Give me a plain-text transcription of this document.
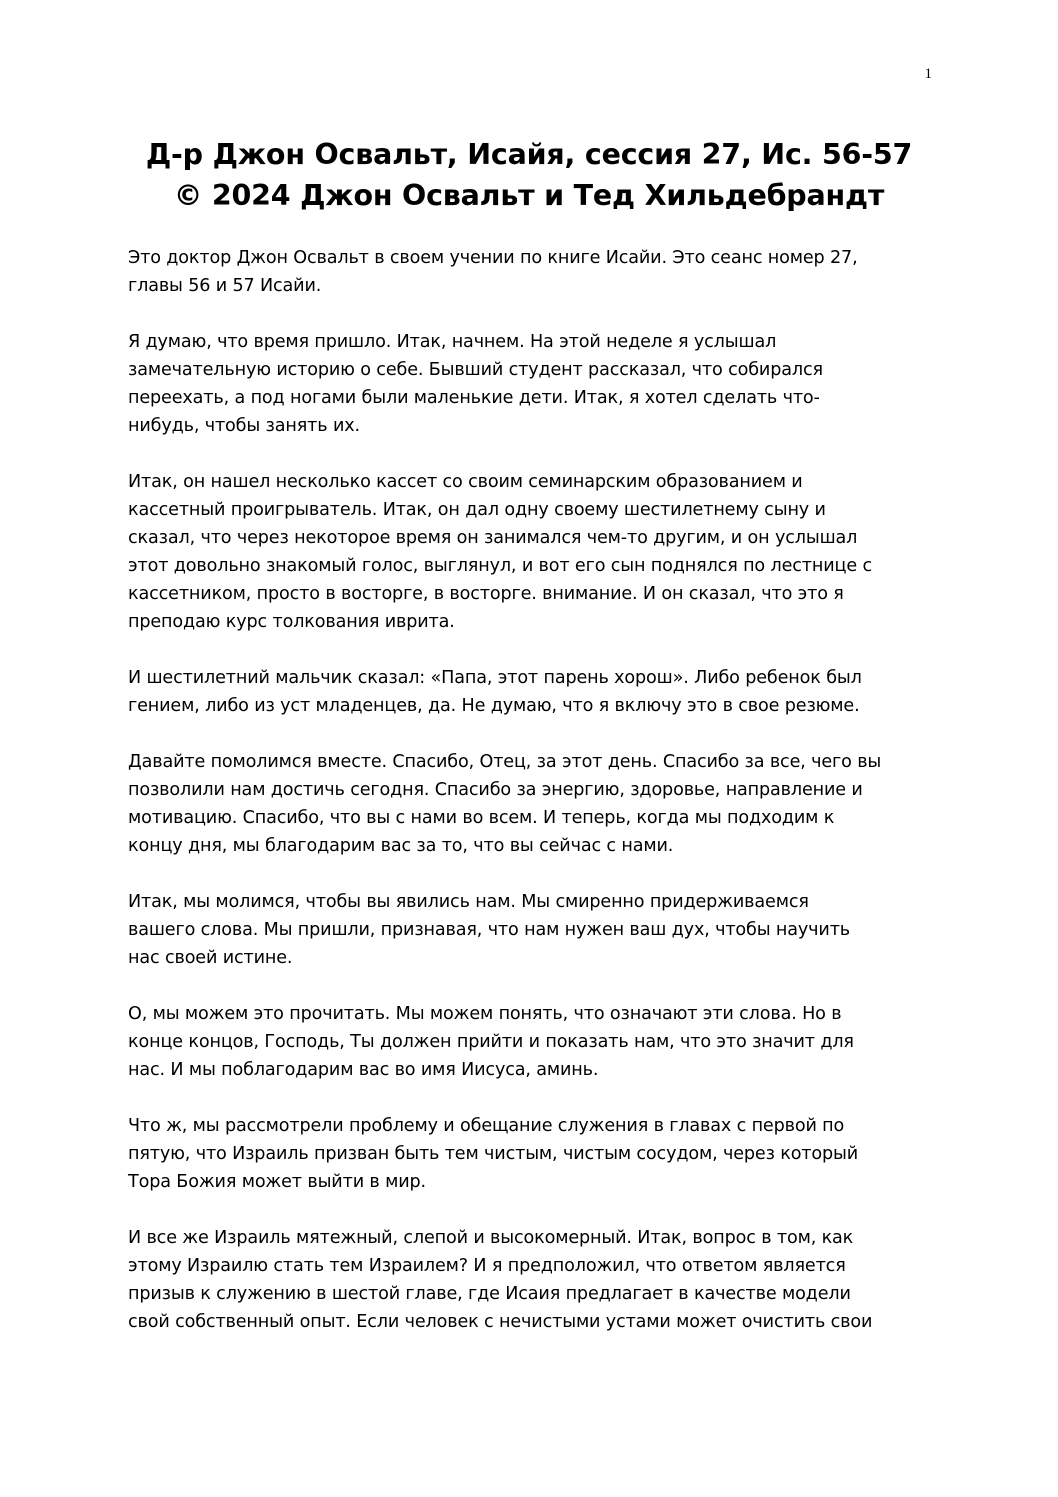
1
Д-р Джон Освальт, Исайя, сессия 27, Ис. 56-57
© 2024 Джон Освальт и Тед Хильдебрандт

Это доктор Джон Освальт в своем учении по книге Исайи. Это сеанс номер 27,
главы 56 и 57 Исайи.

Я думаю, что время пришло. Итак, начнем. На этой неделе я услышал
замечательную историю о себе. Бывший студент рассказал, что собирался
переехать, а под ногами были маленькие дети. Итак, я хотел сделать что-
нибудь, чтобы занять их.

Итак, он нашел несколько кассет со своим семинарским образованием и
кассетный проигрыватель. Итак, он дал одну своему шестилетнему сыну и
сказал, что через некоторое время он занимался чем-то другим, и он услышал
этот довольно знакомый голос, выглянул, и вот его сын поднялся по лестнице с
кассетником, просто в восторге, в восторге. внимание. И он сказал, что это я
преподаю курс толкования иврита.

И шестилетний мальчик сказал: «Папа, этот парень хорош». Либо ребенок был
гением, либо из уст младенцев, да. Не думаю, что я включу это в свое резюме.

Давайте помолимся вместе. Спасибо, Отец, за этот день. Спасибо за все, чего вы
позволили нам достичь сегодня. Спасибо за энергию, здоровье, направление и
мотивацию. Спасибо, что вы с нами во всем. И теперь, когда мы подходим к
концу дня, мы благодарим вас за то, что вы сейчас с нами.

Итак, мы молимся, чтобы вы явились нам. Мы смиренно придерживаемся
вашего слова. Мы пришли, признавая, что нам нужен ваш дух, чтобы научить
нас своей истине.

О, мы можем это прочитать. Мы можем понять, что означают эти слова. Но в
конце концов, Господь, Ты должен прийти и показать нам, что это значит для
нас. И мы поблагодарим вас во имя Иисуса, аминь.

Что ж, мы рассмотрели проблему и обещание служения в главах с первой по
пятую, что Израиль призван быть тем чистым, чистым сосудом, через который
Тора Божия может выйти в мир.

И все же Израиль мятежный, слепой и высокомерный. Итак, вопрос в том, как
этому Израилю стать тем Израилем? И я предположил, что ответом является
призыв к служению в шестой главе, где Исаия предлагает в качестве модели
свой собственный опыт. Если человек с нечистыми устами может очистить свои
